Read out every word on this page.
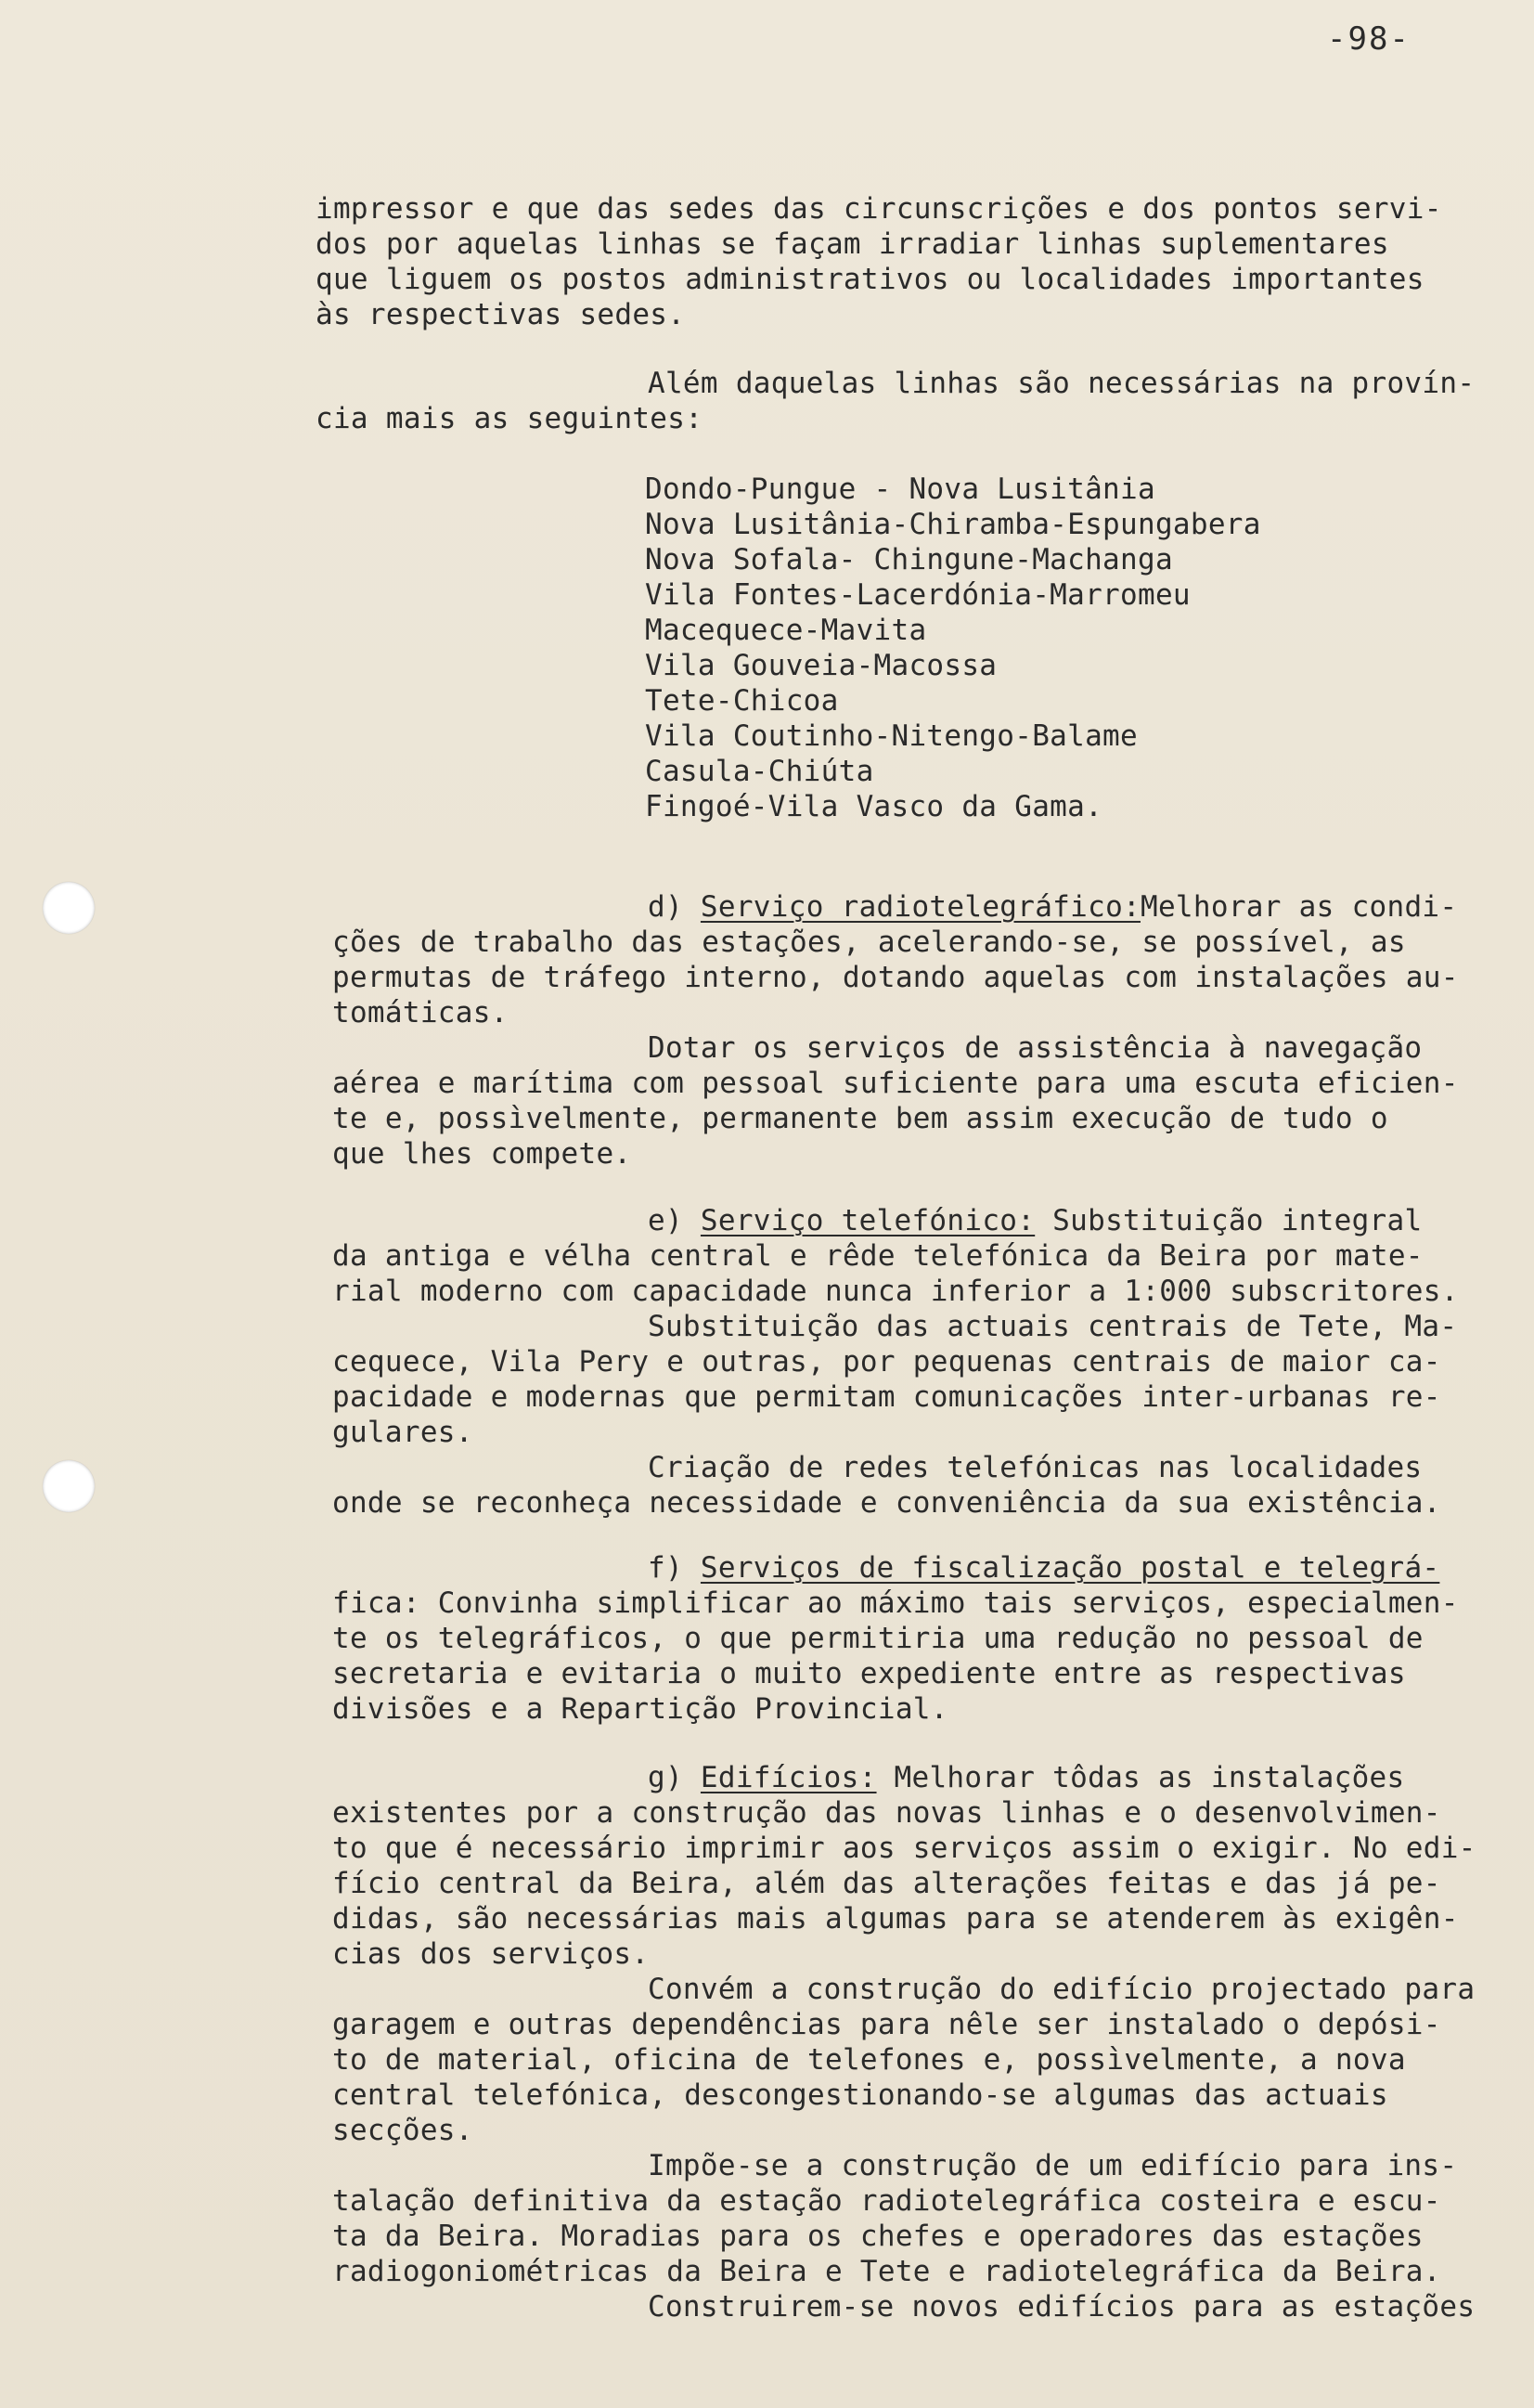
-98-
impressor e que das sedes das circunscrições e dos pontos servi-
dos por aquelas linhas se façam irradiar linhas suplementares
que liguem os postos administrativos ou localidades importantes
às respectivas sedes.
Além daquelas linhas são necessárias na provín-
cia mais as seguintes:
Dondo-Pungue - Nova Lusitânia
Nova Lusitânia-Chiramba-Espungabera
Nova Sofala- Chingune-Machanga
Vila Fontes-Lacerdónia-Marromeu
Macequece-Mavita
Vila Gouveia-Macossa
Tete-Chicoa
Vila Coutinho-Nitengo-Balame
Casula-Chiúta
Fingoé-Vila Vasco da Gama.
d) Serviço radiotelegráfico:Melhorar as condi-
ções de trabalho das estações, acelerando-se, se possível, as
permutas de tráfego interno, dotando aquelas com instalações au-
tomáticas.
Dotar os serviços de assistência à navegação
aérea e marítima com pessoal suficiente para uma escuta eficien-
te e, possìvelmente, permanente bem assim execução de tudo o
que lhes compete.
e) Serviço telefónico: Substituição integral
da antiga e vélha central e rêde telefónica da Beira por mate-
rial moderno com capacidade nunca inferior a 1:000 subscritores.
Substituição das actuais centrais de Tete, Ma-
cequece, Vila Pery e outras, por pequenas centrais de maior ca-
pacidade e modernas que permitam comunicações inter-urbanas re-
gulares.
Criação de redes telefónicas nas localidades
onde se reconheça necessidade e conveniência da sua existência.
f) Serviços de fiscalização postal e telegrá-
fica: Convinha simplificar ao máximo tais serviços, especialmen-
te os telegráficos, o que permitiria uma redução no pessoal de
secretaria e evitaria o muito expediente entre as respectivas
divisões e a Repartição Provincial.
g) Edifícios: Melhorar tôdas as instalações
existentes por a construção das novas linhas e o desenvolvimen-
to que é necessário imprimir aos serviços assim o exigir. No edi-
fício central da Beira, além das alterações feitas e das já pe-
didas, são necessárias mais algumas para se atenderem às exigên-
cias dos serviços.
Convém a construção do edifício projectado para
garagem e outras dependências para nêle ser instalado o depósi-
to de material, oficina de telefones e, possìvelmente, a nova
central telefónica, descongestionando-se algumas das actuais
secções.
Impõe-se a construção de um edifício para ins-
talação definitiva da estação radiotelegráfica costeira e escu-
ta da Beira. Moradias para os chefes e operadores das estações
radiogoniométricas da Beira e Tete e radiotelegráfica da Beira.
Construirem-se novos edifícios para as estações
